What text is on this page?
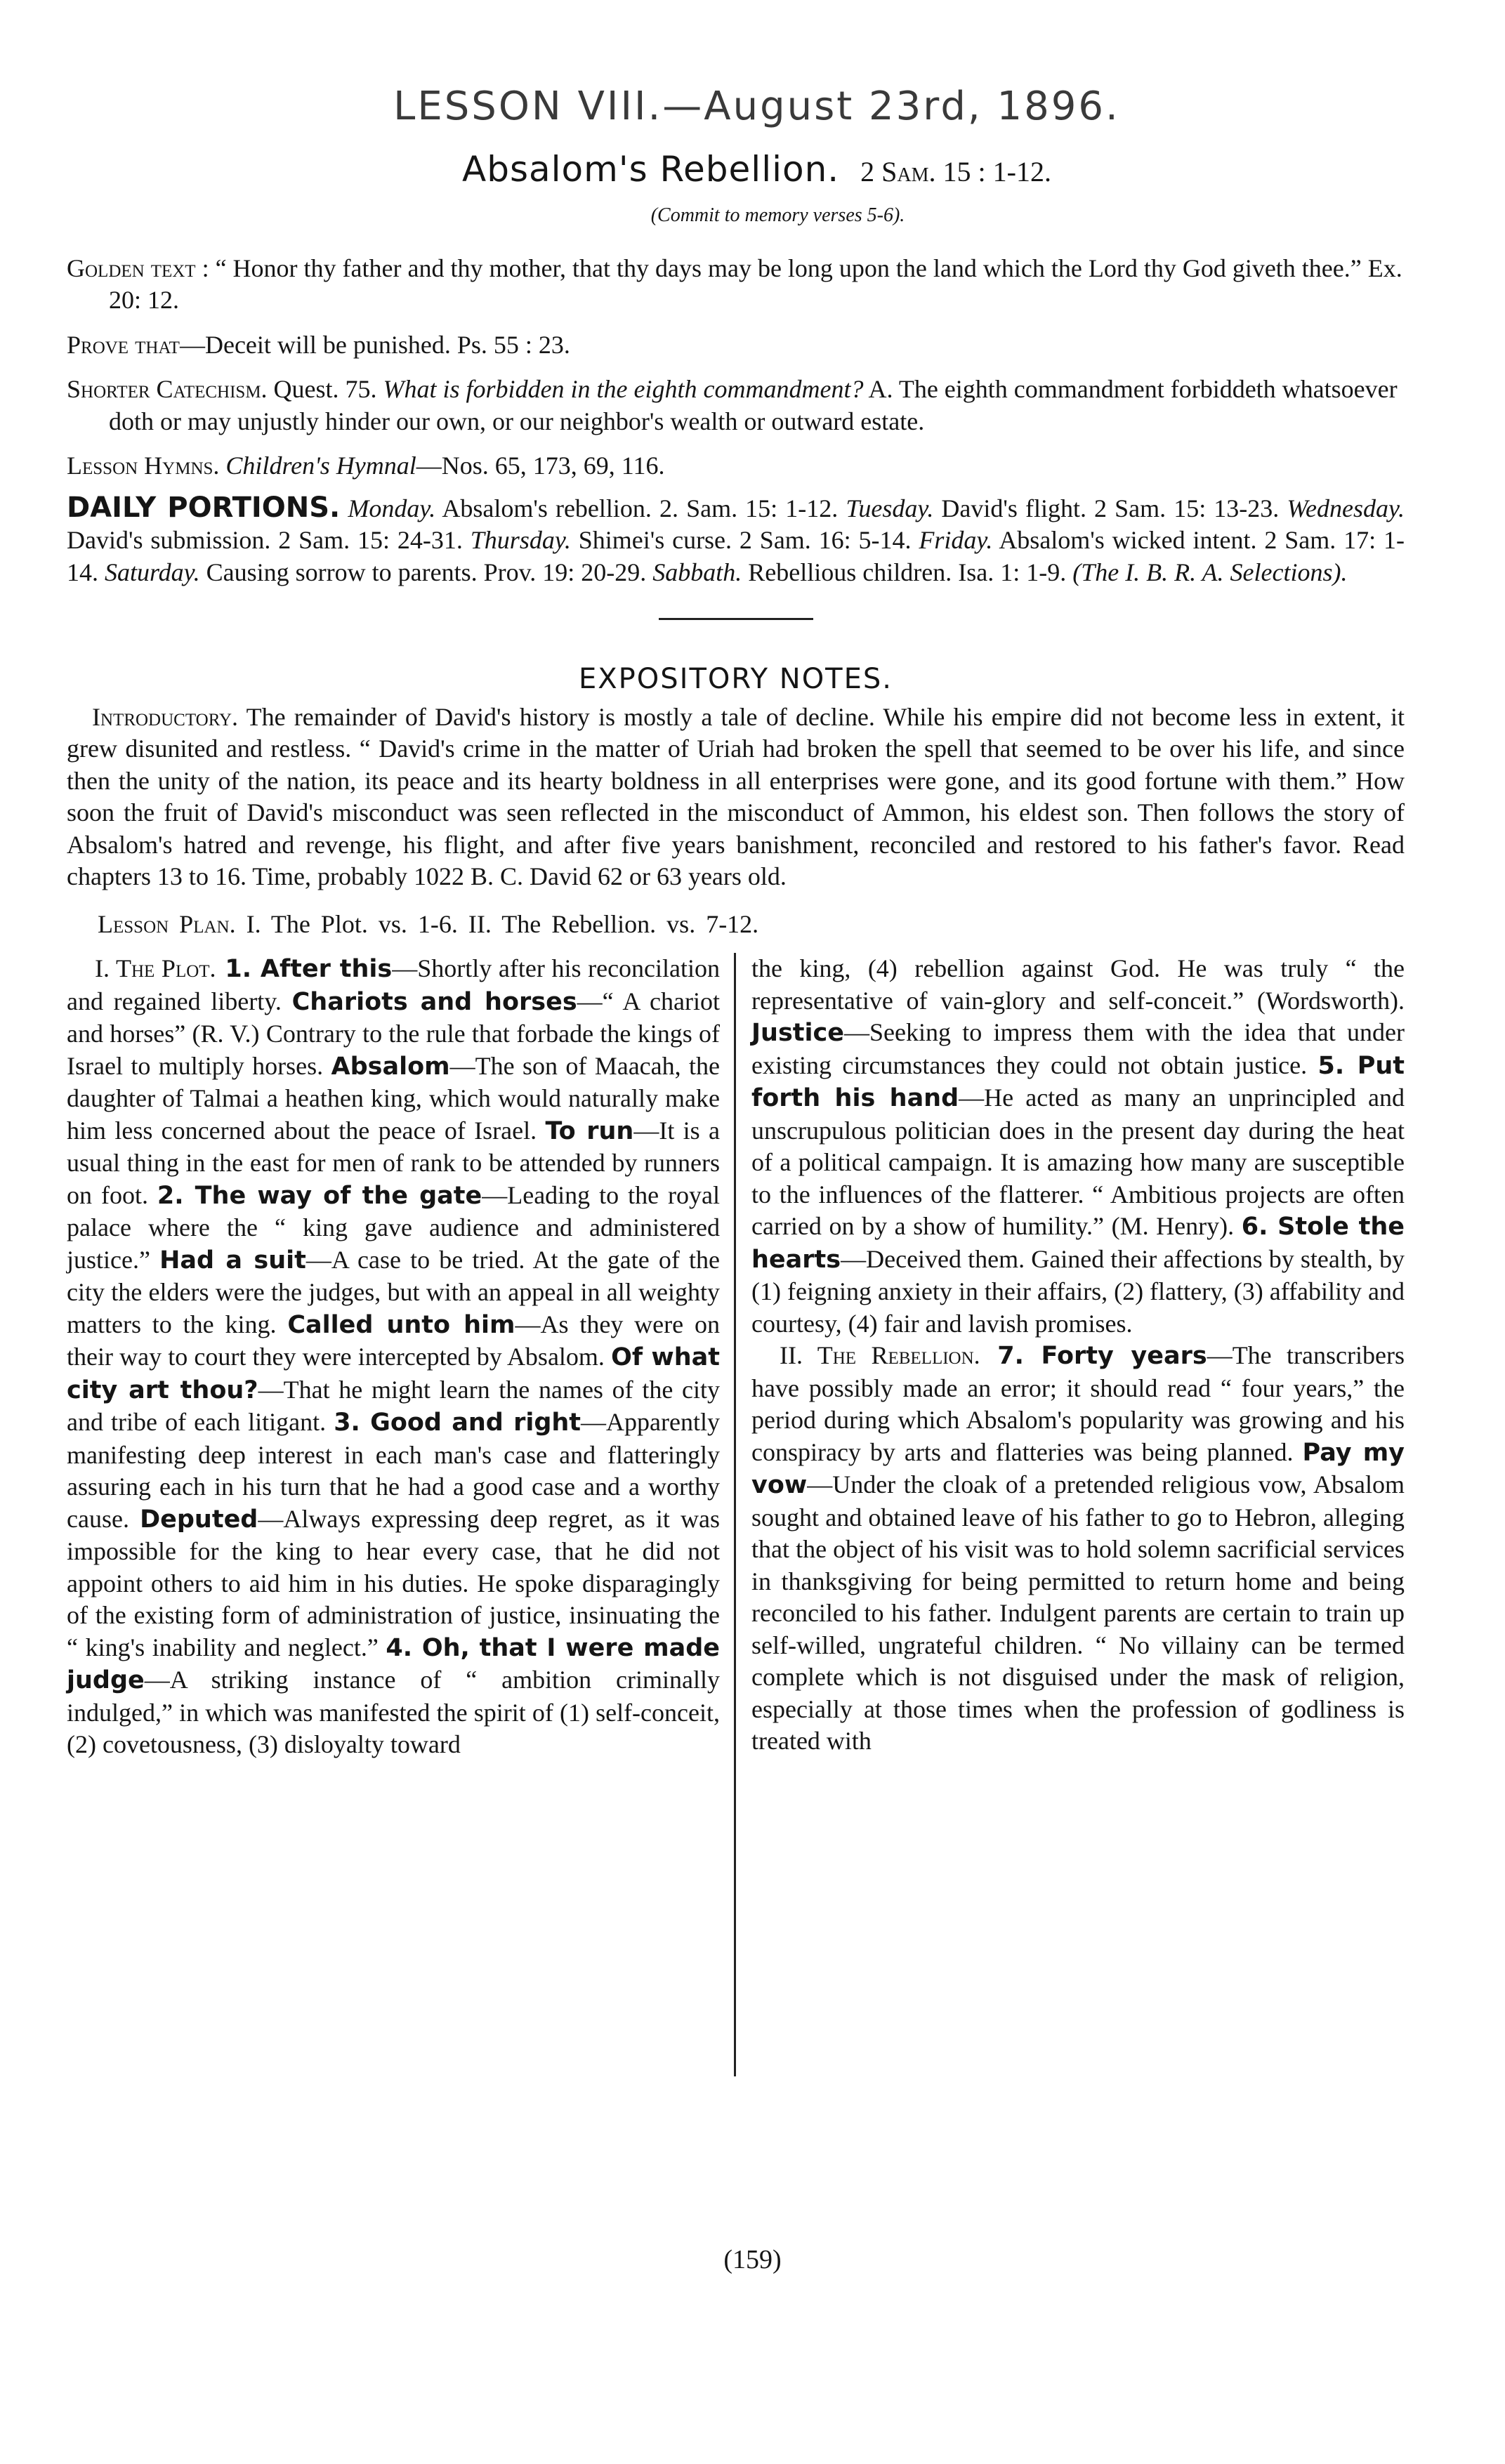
LESSON VIII.—August 23rd, 1896.
Absalom's Rebellion. 2 Sam. 15 : 1-12.
(Commit to memory verses 5-6).
Golden text : “ Honor thy father and thy mother, that thy days may be long upon the land which the Lord thy God giveth thee.” Ex. 20: 12.
Prove that—Deceit will be punished. Ps. 55 : 23.
Shorter Catechism. Quest. 75. What is forbidden in the eighth commandment? A. The eighth commandment forbiddeth whatsoever doth or may unjustly hinder our own, or our neighbor's wealth or outward estate.
Lesson Hymns. Children's Hymnal—Nos. 65, 173, 69, 116.
DAILY PORTIONS. Monday. Absalom's rebellion. 2. Sam. 15: 1-12. Tuesday. David's flight. 2 Sam. 15: 13-23. Wednesday. David's submission. 2 Sam. 15: 24-31. Thursday. Shimei's curse. 2 Sam. 16: 5-14. Friday. Absalom's wicked intent. 2 Sam. 17: 1-14. Saturday. Causing sorrow to parents. Prov. 19: 20-29. Sabbath. Rebellious children. Isa. 1: 1-9. (The I. B. R. A. Selections).
EXPOSITORY NOTES.
Introductory. The remainder of David's history is mostly a tale of decline. While his empire did not become less in extent, it grew disunited and restless. “ David's crime in the matter of Uriah had broken the spell that seemed to be over his life, and since then the unity of the nation, its peace and its hearty boldness in all enterprises were gone, and its good fortune with them.” How soon the fruit of David's misconduct was seen reflected in the misconduct of Ammon, his eldest son. Then follows the story of Absalom's hatred and revenge, his flight, and after five years banishment, reconciled and restored to his father's favor. Read chapters 13 to 16. Time, probably 1022 B. C. David 62 or 63 years old.
Lesson Plan. I. The Plot. vs. 1-6. II. The Rebellion. vs. 7-12.

I. The Plot. 1. After this—Shortly after his reconcilation and regained liberty. Chariots and horses—“ A chariot and horses” (R. V.) Contrary to the rule that forbade the kings of Israel to multiply horses. Absalom—The son of Maacah, the daughter of Talmai a heathen king, which would naturally make him less concerned about the peace of Israel. To run—It is a usual thing in the east for men of rank to be attended by runners on foot. 2. The way of the gate—Leading to the royal palace where the “ king gave audience and administered justice.” Had a suit—A case to be tried. At the gate of the city the elders were the judges, but with an appeal in all weighty matters to the king. Called unto him—As they were on their way to court they were intercepted by Absalom. Of what city art thou?—That he might learn the names of the city and tribe of each litigant. 3. Good and right—Apparently manifesting deep interest in each man's case and flatteringly assuring each in his turn that he had a good case and a worthy cause. Deputed—Always expressing deep regret, as it was impossible for the king to hear every case, that he did not appoint others to aid him in his duties. He spoke disparagingly of the existing form of administration of justice, insinuating the “ king's inability and neglect.” 4. Oh, that I were made judge—A striking instance of “ ambition criminally indulged,” in which was manifested the spirit of (1) self-conceit, (2) covetousness, (3) disloyalty toward

the king, (4) rebellion against God. He was truly “ the representative of vain-glory and self-conceit.” (Wordsworth). Justice—Seeking to impress them with the idea that under existing circumstances they could not obtain justice. 5. Put forth his hand—He acted as many an unprincipled and unscrupulous politician does in the present day during the heat of a political campaign. It is amazing how many are susceptible to the influences of the flatterer. “ Ambitious projects are often carried on by a show of humility.” (M. Henry). 6. Stole the hearts—Deceived them. Gained their affections by stealth, by (1) feigning anxiety in their affairs, (2) flattery, (3) affability and courtesy, (4) fair and lavish promises.

II. The Rebellion. 7. Forty years—The transcribers have possibly made an error; it should read “ four years,” the period during which Absalom's popularity was growing and his conspiracy by arts and flatteries was being planned. Pay my vow—Under the cloak of a pretended religious vow, Absalom sought and obtained leave of his father to go to Hebron, alleging that the object of his visit was to hold solemn sacrificial services in thanksgiving for being permitted to return home and being reconciled to his father. Indulgent parents are certain to train up self-willed, ungrateful children. “ No villainy can be termed complete which is not disguised under the mask of religion, especially at those times when the profession of godliness is treated with

(159)
